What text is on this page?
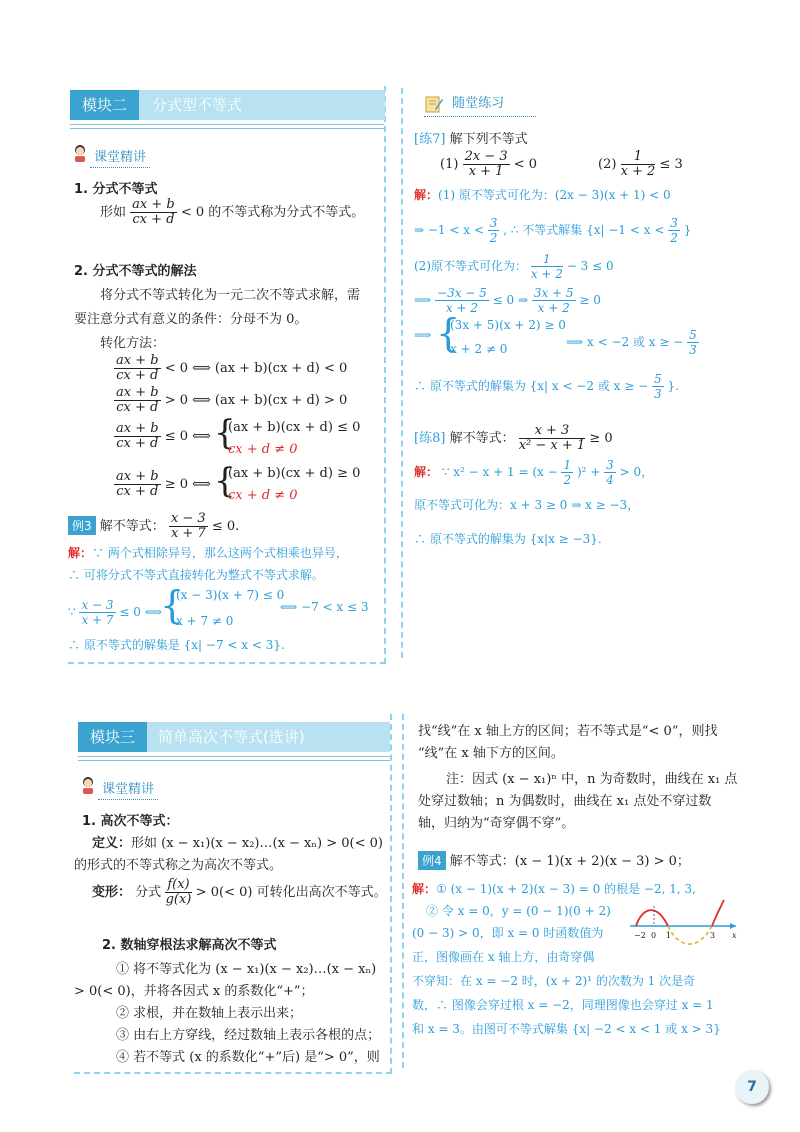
模块二	分式型不等式
课堂精讲
1. 分式不等式
形如 $\frac{ax + b}{cx + d} < 0$ 的不等式称为分式不等式。
2. 分式不等式的解法
将分式不等式转化为一元二次不等式求解，需
要注意分式有意义的条件：分母不为 0。
转化方法：
$\frac{ax + b}{cx + d} < 0$ ⟺ (ax + b)(cx + d) < 0
$\frac{ax + b}{cx + d} > 0$ ⟺ (ax + b)(cx + d) > 0
$\frac{ax + b}{cx + d} \le 0$ ⟺ {
(ax + b)(cx + d) ≤ 0
cx + d ≠ 0
$\frac{ax + b}{cx + d} \ge 0$ ⟺ {
(ax + b)(cx + d) ≥ 0
cx + d ≠ 0
例3 解不等式： $\frac{x - 3}{x + 7} \le 0$.
解：∵ 两个式相除异号，那么这两个式相乘也异号，
∴ 可将分式不等式直接转化为整式不等式求解。
∵ $\frac{x - 3}{x + 7} \le 0$ ⟺
{
(x − 3)(x + 7) ≤ 0
x + 7 ≠ 0
⟺ −7 < x ≤ 3
∴ 原不等式的解集是 {x| −7 < x < 3}.
随堂练习
[练7] 解下列不等式
$(1) \frac{2x - 3}{x + 1} < 0$	$(2) \frac{1}{x + 2} \le 3$
解：(1) 原不等式可化为：(2x − 3)(x + 1) < 0
⇒ $-1 < x < \frac{3}{2}$ , ∴ 不等式解集 {$x| -1 < x < \frac{3}{2}$ }
(2)原不等式可化为： $\frac{1}{x + 2} - 3 \le 0$
⟹ $\frac{-3x - 5}{x + 2} \le 0$ ⇒ $\frac{3x + 5}{x + 2} \ge 0$
⟹ {
(3x + 5)(x + 2) ≥ 0
x + 2 ≠ 0	⟹ x < −2 或 x ≥ − $\frac{5}{3}$
∴ 原不等式的解集为 {x| x < −2 或 x ≥ − $\frac{5}{3}$ }.
[练8] 解不等式： $\frac{x + 3}{\text{x² − x + 1}} \ge 0$
解： ∵ $x^2 - x + 1 = (x - \frac{1}{2} )^2 + \frac{3}{4} > 0$，
原不等式可化为：x + 3 ≥ 0 ⇒ x ≥ −3，
∴ 原不等式的解集为 {x|x ≥ −3}.
模块三	简单高次不等式(选讲)
课堂精讲
1. 高次不等式：
定义：形如 (x − x₁)(x − x₂)…(x − xₙ) > 0(< 0)
的形式的不等式称之为高次不等式。
变形： 分式 $\frac{f(x)}{g(x)} > 0(< 0)$ 可转化出高次不等式。
2. 数轴穿根法求解高次不等式
① 将不等式化为 (x − x₁)(x − x₂)…(x − xₙ)
> 0(< 0)，并将各因式 x 的系数化“+”；
② 求根，并在数轴上表示出来；
③ 由右上方穿线，经过数轴上表示各根的点；
④ 若不等式 (x 的系数化“+”后) 是“> 0”，则
找“线”在 x 轴上方的区间；若不等式是“< 0”，则找
“线”在 x 轴下方的区间。
注：因式 (x − x₁)ⁿ 中，n 为奇数时，曲线在 x₁ 点
处穿过数轴；n 为偶数时，曲线在 x₁ 点处不穿过数
轴，归纳为“奇穿偶不穿”。
例4 解不等式：(x − 1)(x + 2)(x − 3) > 0；
解：① (x − 1)(x + 2)(x − 3) = 0 的根是 −2, 1, 3,
② 令 x = 0，y = (0 − 1)(0 + 2)
(0 − 3) > 0，即 x = 0 时函数值为
正，图像画在 x 轴上方，由奇穿偶
不穿知：在 x = −2 时，(x + 2)¹ 的次数为 1 次是奇
数，∴ 图像会穿过根 x = −2，同理图像也会穿过 x = 1
和 x = 3。由图可不等式解集 {x| −2 < x < 1 或 x > 3}
−2 0 1	3 x
7
